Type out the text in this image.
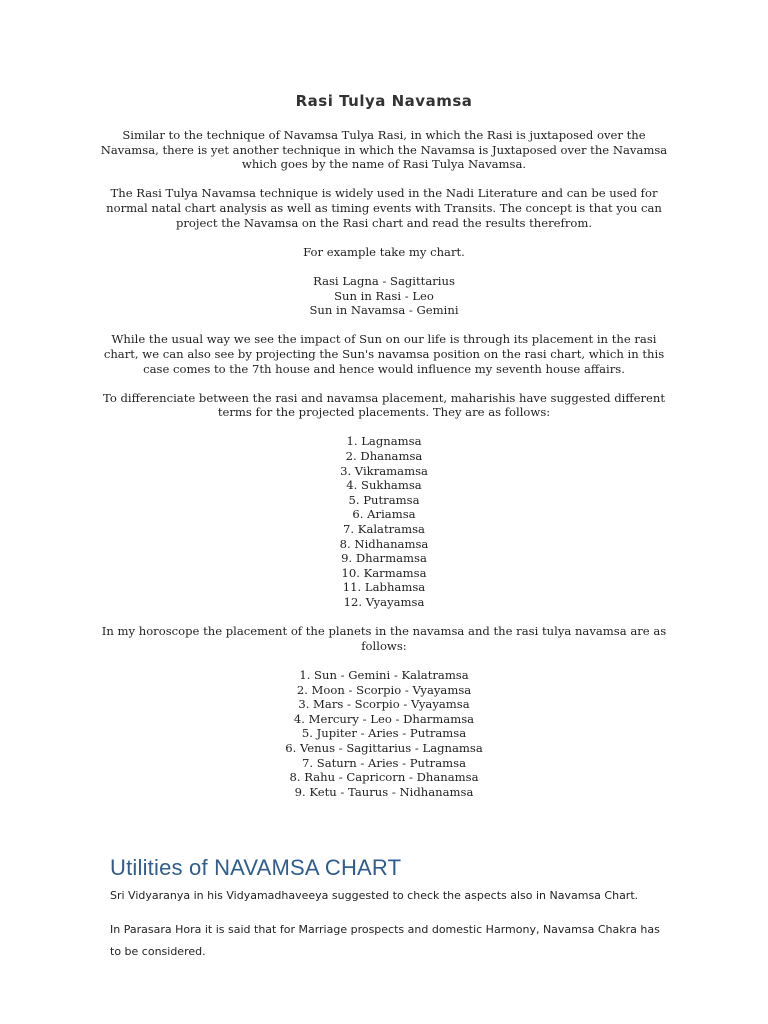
Rasi Tulya Navamsa

Similar to the technique of Navamsa Tulya Rasi, in which the Rasi is juxtaposed over the Navamsa, there is yet another technique in which the Navamsa is Juxtaposed over the Navamsa which goes by the name of Rasi Tulya Navamsa.

The Rasi Tulya Navamsa technique is widely used in the Nadi Literature and can be used for normal natal chart analysis as well as timing events with Transits. The concept is that you can project the Navamsa on the Rasi chart and read the results therefrom.

For example take my chart.

Rasi Lagna - Sagittarius
Sun in Rasi - Leo
Sun in Navamsa - Gemini

While the usual way we see the impact of Sun on our life is through its placement in the rasi chart, we can also see by projecting the Sun's navamsa position on the rasi chart, which in this case comes to the 7th house and hence would influence my seventh house affairs.

To differenciate between the rasi and navamsa placement, maharishis have suggested different terms for the projected placements. They are as follows:

1. Lagnamsa
2. Dhanamsa
3. Vikramamsa
4. Sukhamsa
5. Putramsa
6. Ariamsa
7. Kalatramsa
8. Nidhanamsa
9. Dharmamsa
10. Karmamsa
11. Labhamsa
12. Vyayamsa

In my horoscope the placement of the planets in the navamsa and the rasi tulya navamsa are as follows:

1. Sun - Gemini - Kalatramsa
2. Moon - Scorpio - Vyayamsa
3. Mars - Scorpio - Vyayamsa
4. Mercury - Leo - Dharmamsa
5. Jupiter - Aries - Putramsa
6. Venus - Sagittarius - Lagnamsa
7. Saturn - Aries - Putramsa
8. Rahu - Capricorn - Dhanamsa
9. Ketu - Taurus - Nidhanamsa

Utilities of NAVAMSA CHART

Sri Vidyaranya in his Vidyamadhaveeya suggested to check the aspects also in Navamsa Chart.

In Parasara Hora it is said that for Marriage prospects and domestic Harmony, Navamsa Chakra has to be considered.
